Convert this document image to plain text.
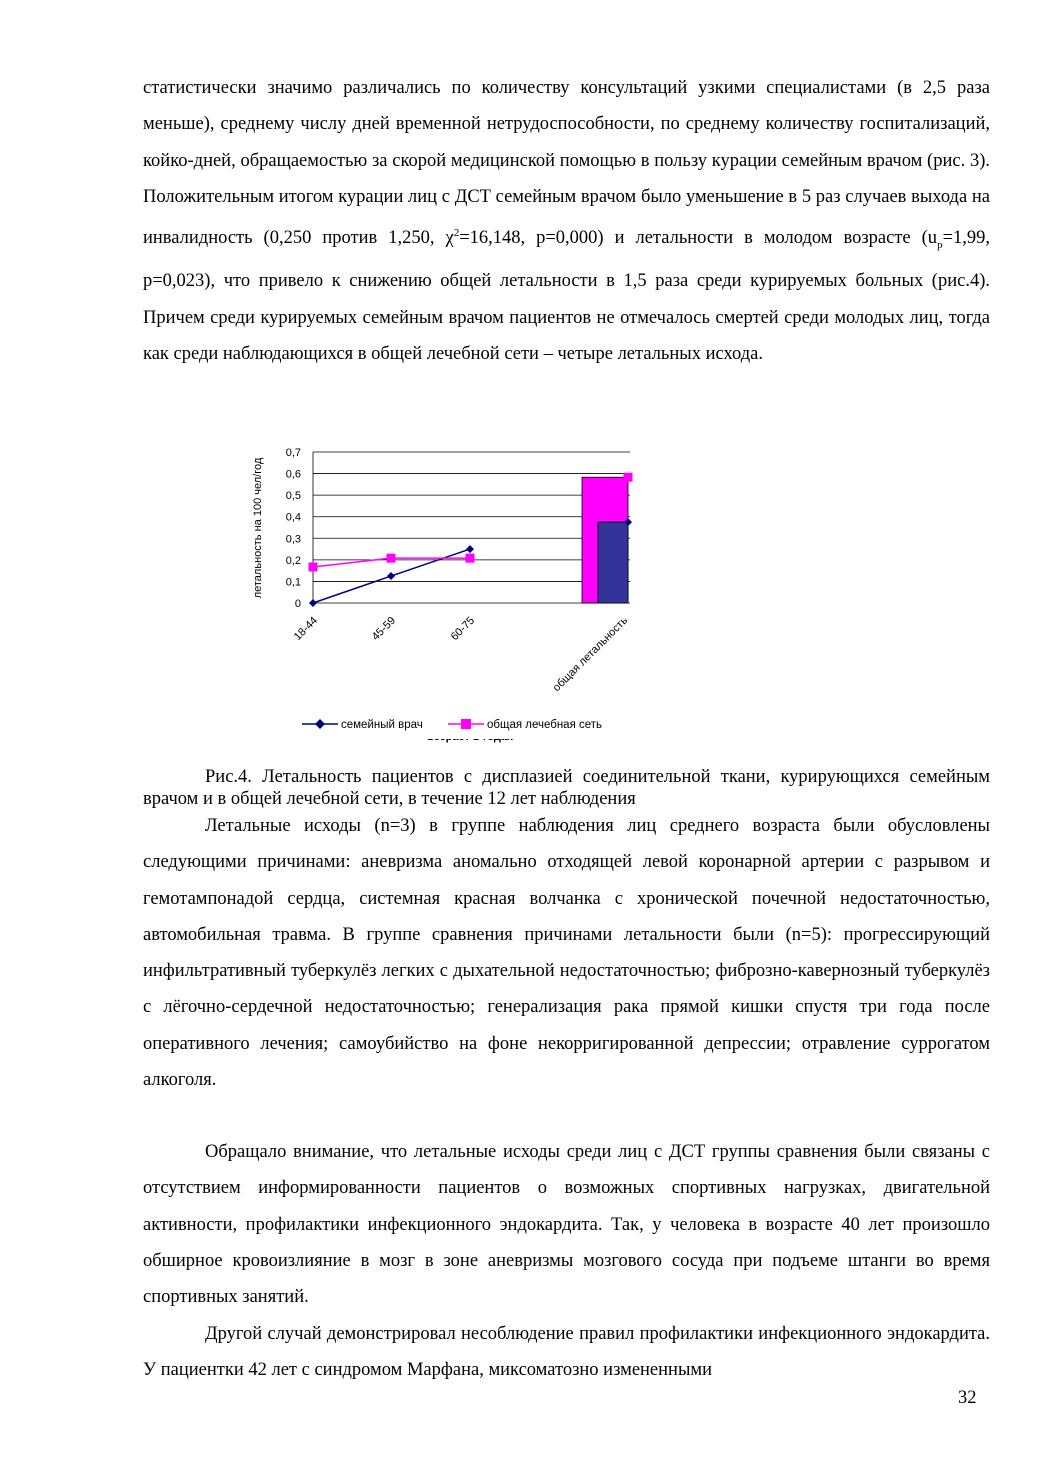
статистически значимо различались по количеству консультаций узкими специалистами (в 2,5 раза меньше), среднему числу дней временной нетрудоспособности, по среднему количеству госпитализаций, койко-дней, обращаемостью за скорой медицинской помощью в пользу курации семейным врачом (рис. 3). Положительным итогом курации лиц с ДСТ семейным врачом было уменьшение в 5 раз случаев выхода на инвалидность (0,250 против 1,250, $\chi^2=16,148$, p=0,000) и летальности в молодом возрасте ($u_p=1,99$, p=0,023), что привело к снижению общей летальности в 1,5 раза среди курируемых больных (рис.4). Причем среди курируемых семейным врачом пациентов не отмечалось смертей среди молодых лиц, тогда как среди наблюдающихся в общей лечебной сети – четыре летальных исхода.

летальность на 100 чел/год
0
0,1
0,2
0,3
0,4
0,5
0,6
0,7
18-44	45-59	60-75	общая летальность
семейный врач	общая лечебная сеть

Рис.4. Летальность пациентов с дисплазией соединительной ткани, курирующихся семейным врачом и в общей лечебной сети, в течение 12 лет наблюдения

Летальные исходы (n=3) в группе наблюдения лиц среднего возраста были обусловлены следующими причинами: аневризма аномально отходящей левой коронарной артерии с разрывом и гемотампонадой сердца, системная красная волчанка с хронической почечной недостаточностью, автомобильная травма. В группе сравнения причинами летальности были (n=5): прогрессирующий инфильтративный туберкулёз легких с дыхательной недостаточностью; фиброзно-кавернозный туберкулёз с лёгочно-сердечной недостаточностью; генерализация рака прямой кишки спустя три года после оперативного лечения; самоубийство на фоне некорригированной депрессии; отравление суррогатом алкоголя.

Обращало внимание, что летальные исходы среди лиц с ДСТ группы сравнения были связаны с отсутствием информированности пациентов о возможных спортивных нагрузках, двигательной активности, профилактики инфекционного эндокардита. Так, у человека в возрасте 40 лет произошло обширное кровоизлияние в мозг в зоне аневризмы мозгового сосуда при подъеме штанги во время спортивных занятий.

Другой случай демонстрировал несоблюдение правил профилактики инфекционного эндокардита. У пациентки 42 лет с синдромом Марфана, миксоматозно измененными

32
